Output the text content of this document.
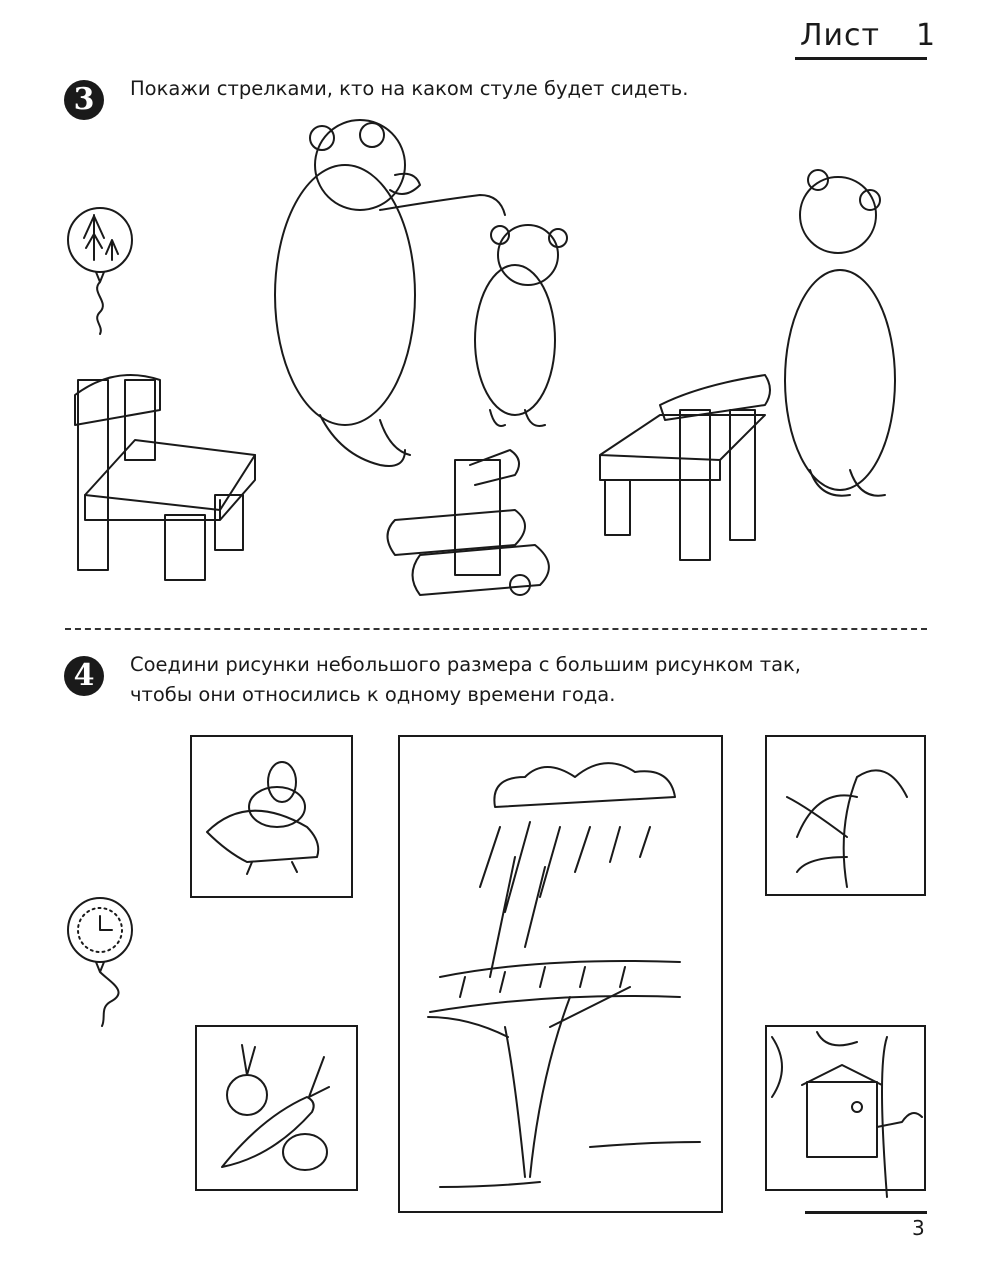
Лист 1
3	Покажи стрелками, кто на каком стуле будет сидеть.
4	Соедини рисунки небольшого размера с большим рисунком так,
чтобы они относились к одному времени года.
3
